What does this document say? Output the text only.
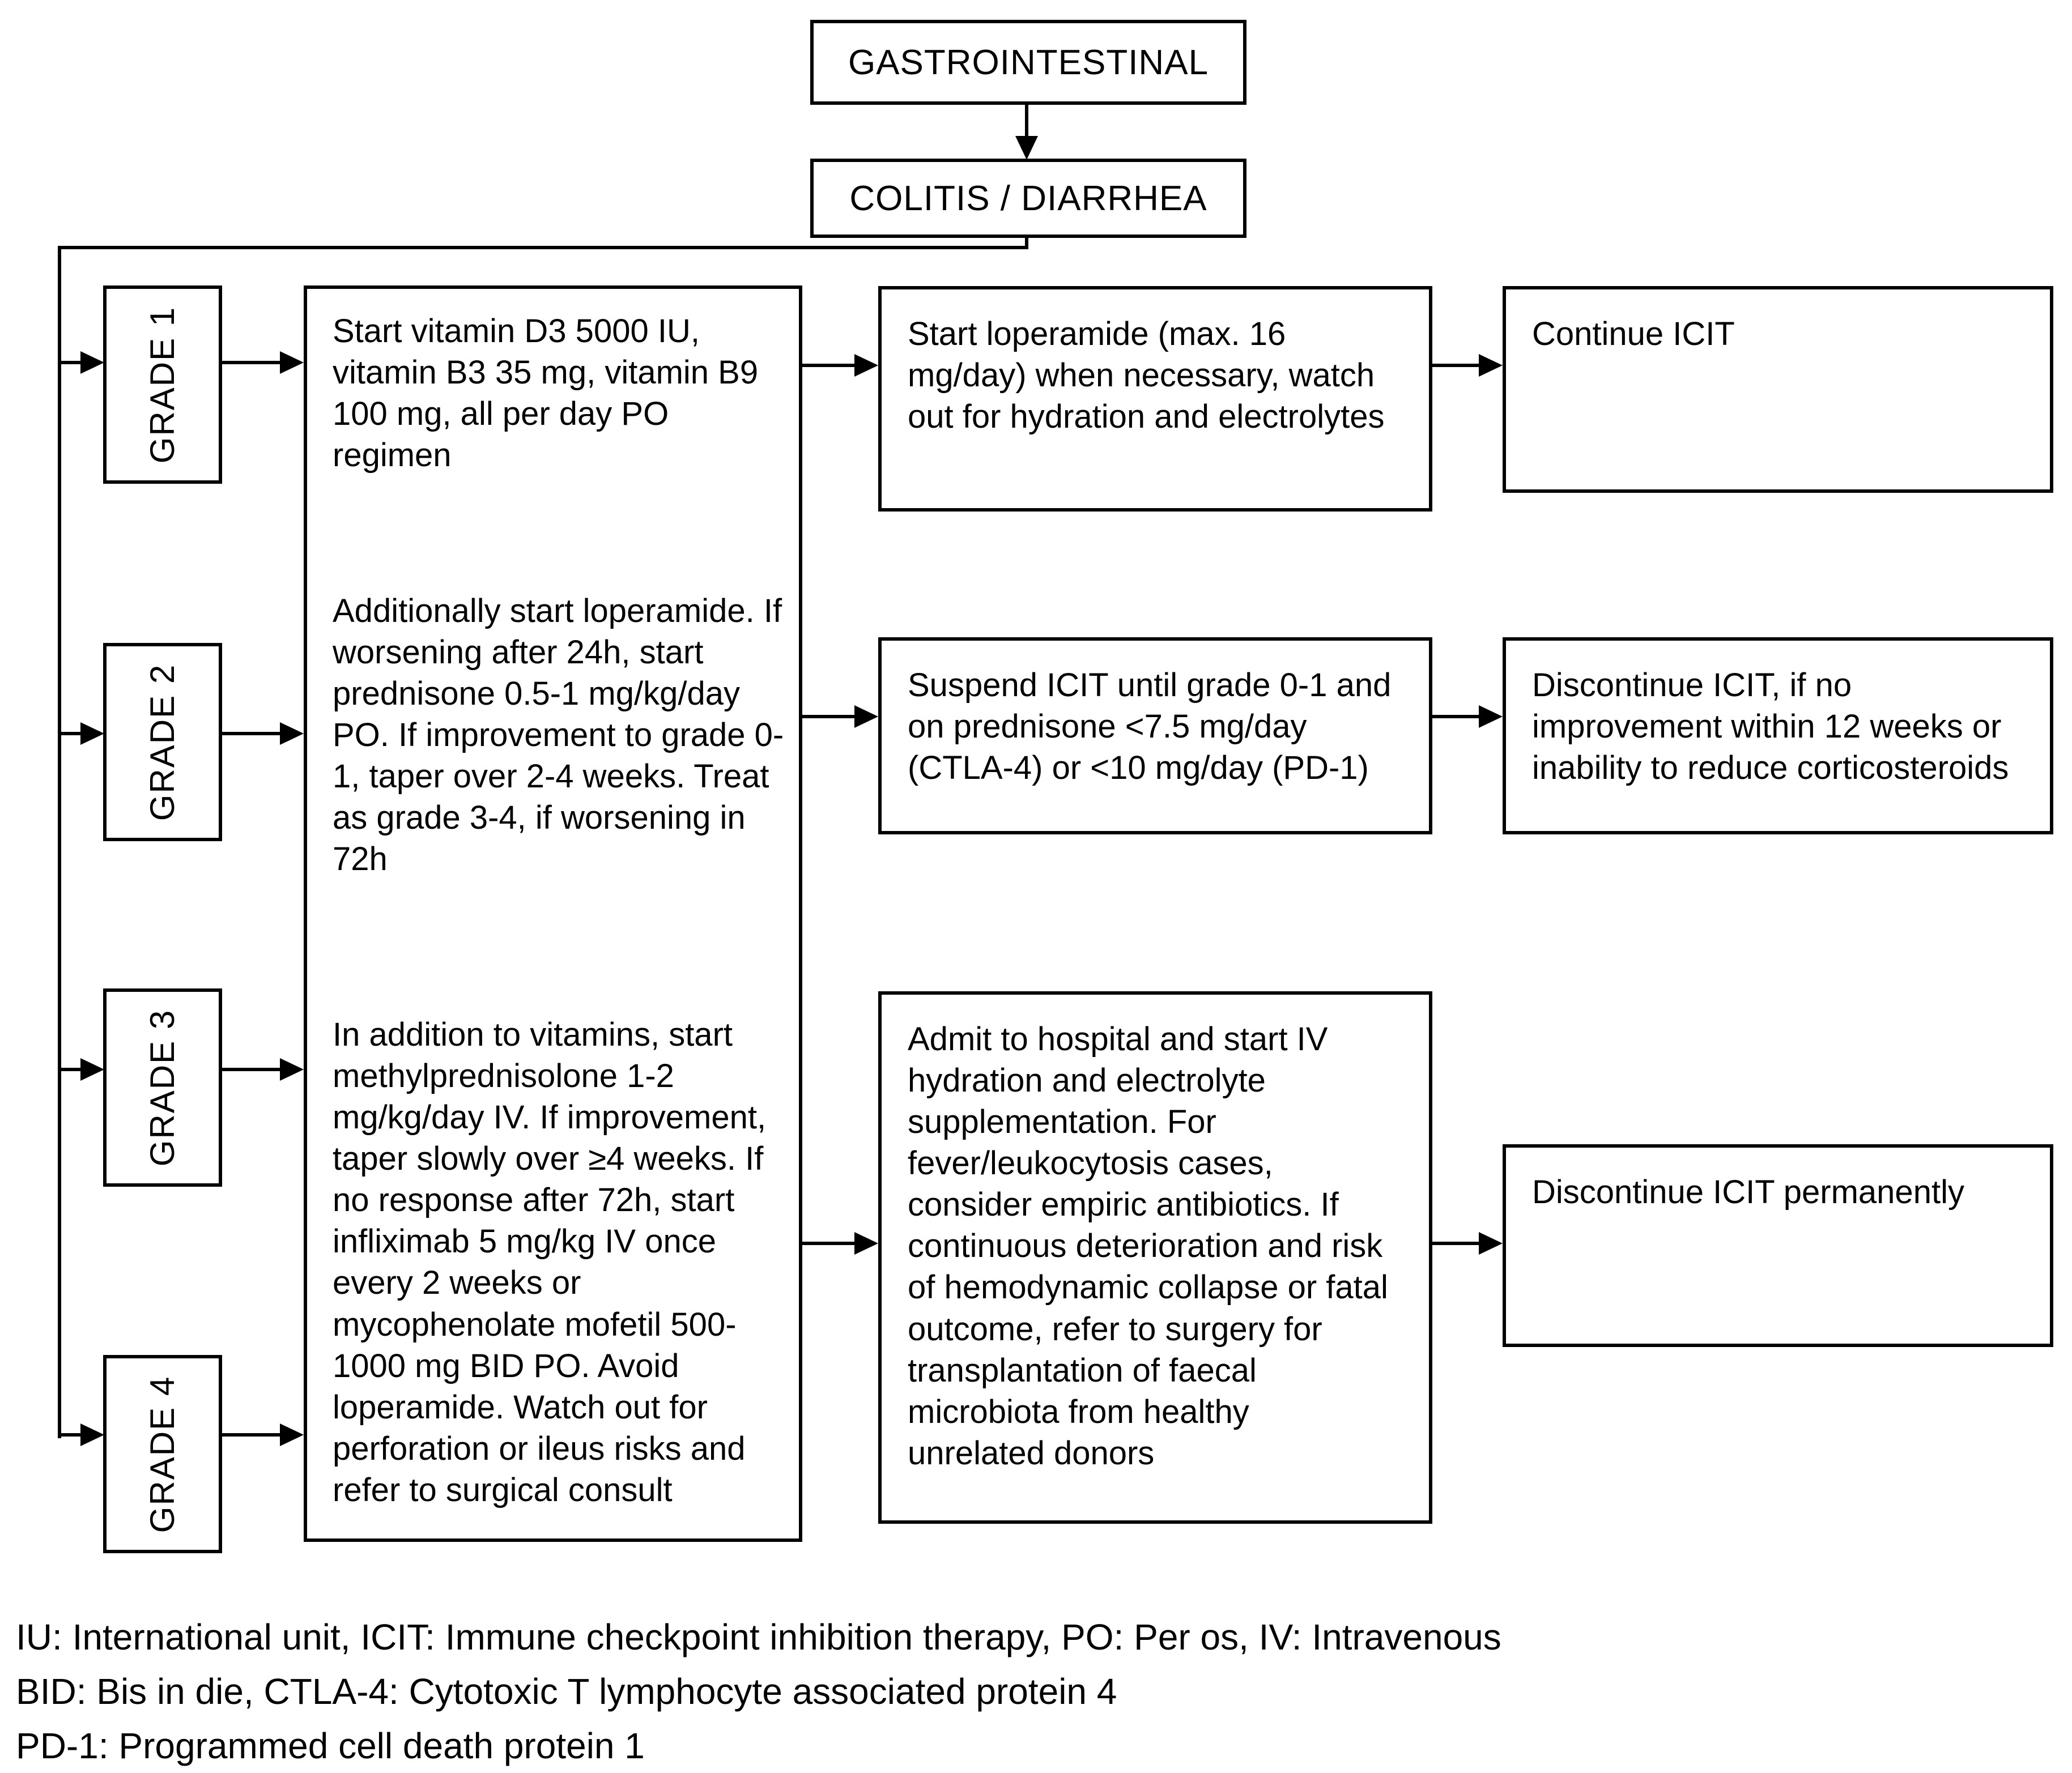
GASTROINTESTINAL
COLITIS / DIARRHEA
GRADE 1
GRADE 2
GRADE 3
GRADE 4

Start vitamin D3 5000 IU, vitamin B3 35 mg, vitamin B9 100 mg, all per day PO regimen

Additionally start loperamide. If worsening after 24h, start prednisone 0.5-1 mg/kg/day PO. If improvement to grade 0-1, taper over 2-4 weeks. Treat as grade 3-4, if worsening in 72h

In addition to vitamins, start methylprednisolone 1-2 mg/kg/day IV. If improvement, taper slowly over ≥4 weeks. If no response after 72h, start infliximab 5 mg/kg IV once every 2 weeks or mycophenolate mofetil 500-1000 mg BID PO. Avoid loperamide. Watch out for perforation or ileus risks and refer to surgical consult

Start loperamide (max. 16 mg/day) when necessary, watch out for hydration and electrolytes
Suspend ICIT until grade 0-1 and on prednisone <7.5 mg/day (CTLA-4) or <10 mg/day (PD-1)
Admit to hospital and start IV hydration and electrolyte supplementation. For fever/leukocytosis cases, consider empiric antibiotics. If continuous deterioration and risk of hemodynamic collapse or fatal outcome, refer to surgery for transplantation of faecal microbiota from healthy unrelated donors
Continue ICIT
Discontinue ICIT, if no improvement within 12 weeks or inability to reduce corticosteroids
Discontinue ICIT permanently
IU: International unit, ICIT: Immune checkpoint inhibition therapy, PO: Per os, IV: Intravenous
BID: Bis in die, CTLA-4: Cytotoxic T lymphocyte associated protein 4
PD-1: Programmed cell death protein 1
